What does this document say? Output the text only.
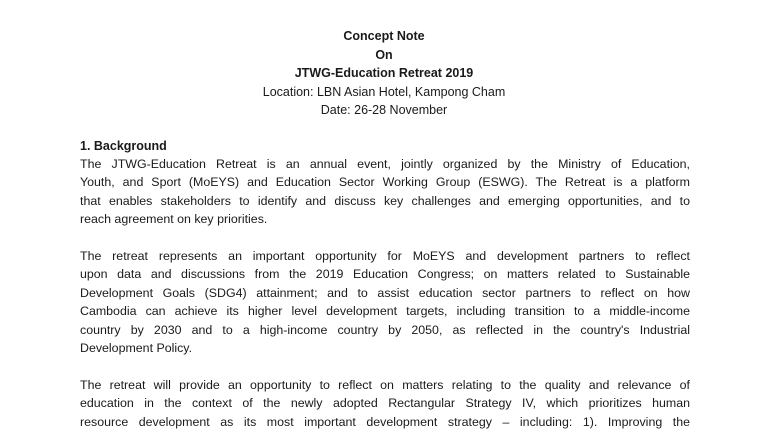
Concept Note
On
JTWG-Education Retreat 2019
Location: LBN Asian Hotel, Kampong Cham
Date: 26-28 November
1. Background
The JTWG-Education Retreat is an annual event, jointly organized by the Ministry of Education,
Youth, and Sport (MoEYS) and Education Sector Working Group (ESWG). The Retreat is a platform
that enables stakeholders to identify and discuss key challenges and emerging opportunities, and to
reach agreement on key priorities.
The retreat represents an important opportunity for MoEYS and development partners to reflect
upon data and discussions from the 2019 Education Congress; on matters related to Sustainable
Development Goals (SDG4) attainment; and to assist education sector partners to reflect on how
Cambodia can achieve its higher level development targets, including transition to a middle-income
country by 2030 and to a high-income country by 2050, as reflected in the country's Industrial
Development Policy.
The retreat will provide an opportunity to reflect on matters relating to the quality and relevance of
education in the context of the newly adopted Rectangular Strategy IV, which prioritizes human
resource development as its most important development strategy – including: 1). Improving the
